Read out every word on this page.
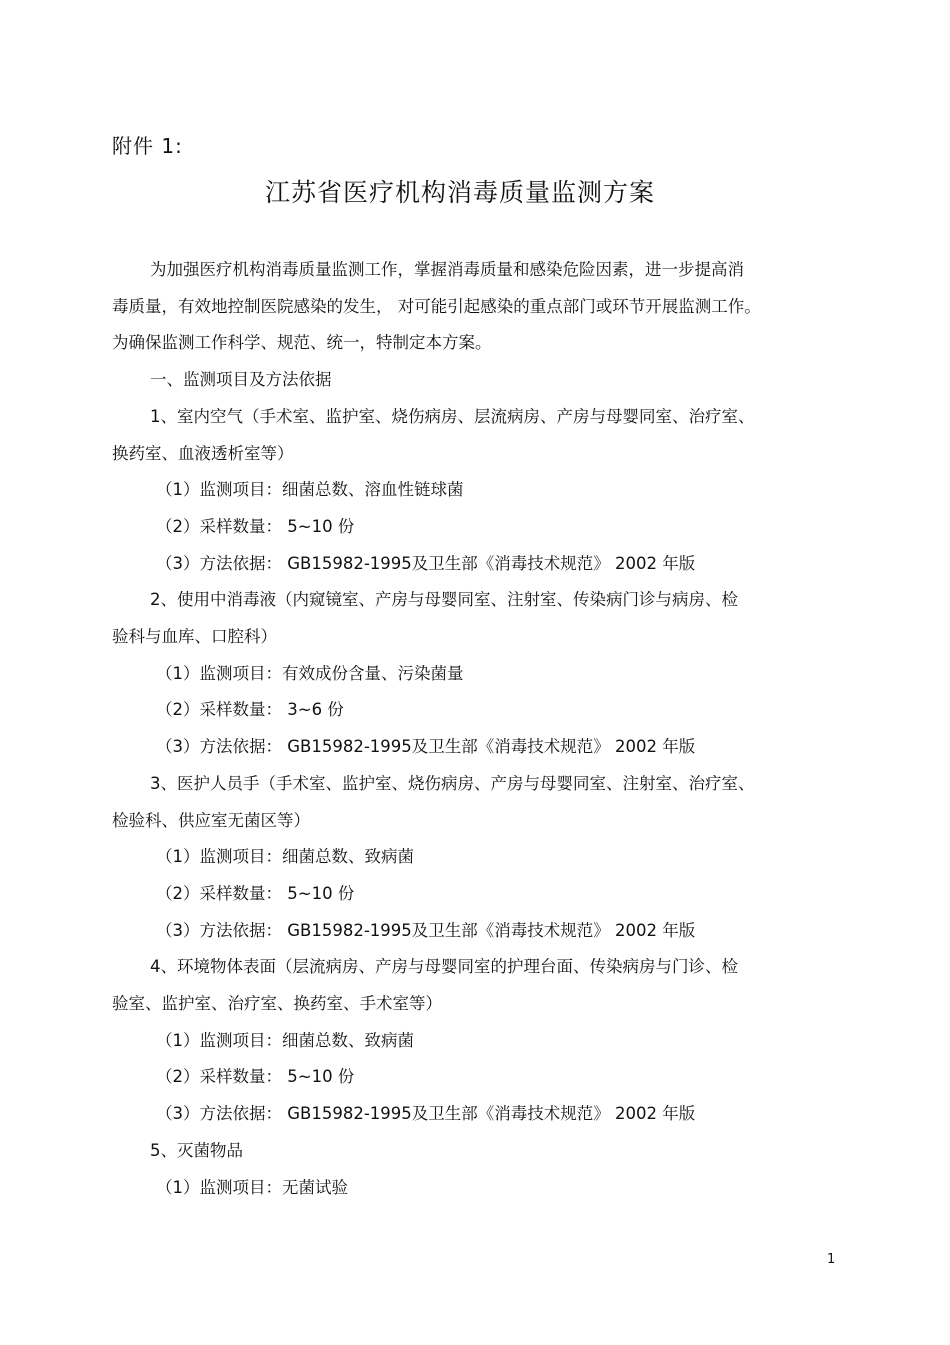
附件 1:
江苏省医疗机构消毒质量监测方案

为加强医疗机构消毒质量监测工作，掌握消毒质量和感染危险因素，进一步提高消

毒质量，有效地控制医院感染的发生， 对可能引起感染的重点部门或环节开展监测工作。

为确保监测工作科学、规范、统一，特制定本方案。

一、监测项目及方法依据

1、室内空气（手术室、监护室、烧伤病房、层流病房、产房与母婴同室、治疗室、

换药室、血液透析室等）

（1）监测项目：细菌总数、溶血性链球菌

（2）采样数量： 5~10 份

（3）方法依据： GB15982-1995及卫生部《消毒技术规范》 2002 年版

2、使用中消毒液（内窥镜室、产房与母婴同室、注射室、传染病门诊与病房、检

验科与血库、口腔科）

（1）监测项目：有效成份含量、污染菌量

（2）采样数量： 3~6 份

（3）方法依据： GB15982-1995及卫生部《消毒技术规范》 2002 年版

3、医护人员手（手术室、监护室、烧伤病房、产房与母婴同室、注射室、治疗室、

检验科、供应室无菌区等）

（1）监测项目：细菌总数、致病菌

（2）采样数量： 5~10 份

（3）方法依据： GB15982-1995及卫生部《消毒技术规范》 2002 年版

4、环境物体表面（层流病房、产房与母婴同室的护理台面、传染病房与门诊、检

验室、监护室、治疗室、换药室、手术室等）

（1）监测项目：细菌总数、致病菌

（2）采样数量： 5~10 份

（3）方法依据： GB15982-1995及卫生部《消毒技术规范》 2002 年版

5、灭菌物品

（1）监测项目：无菌试验

1
